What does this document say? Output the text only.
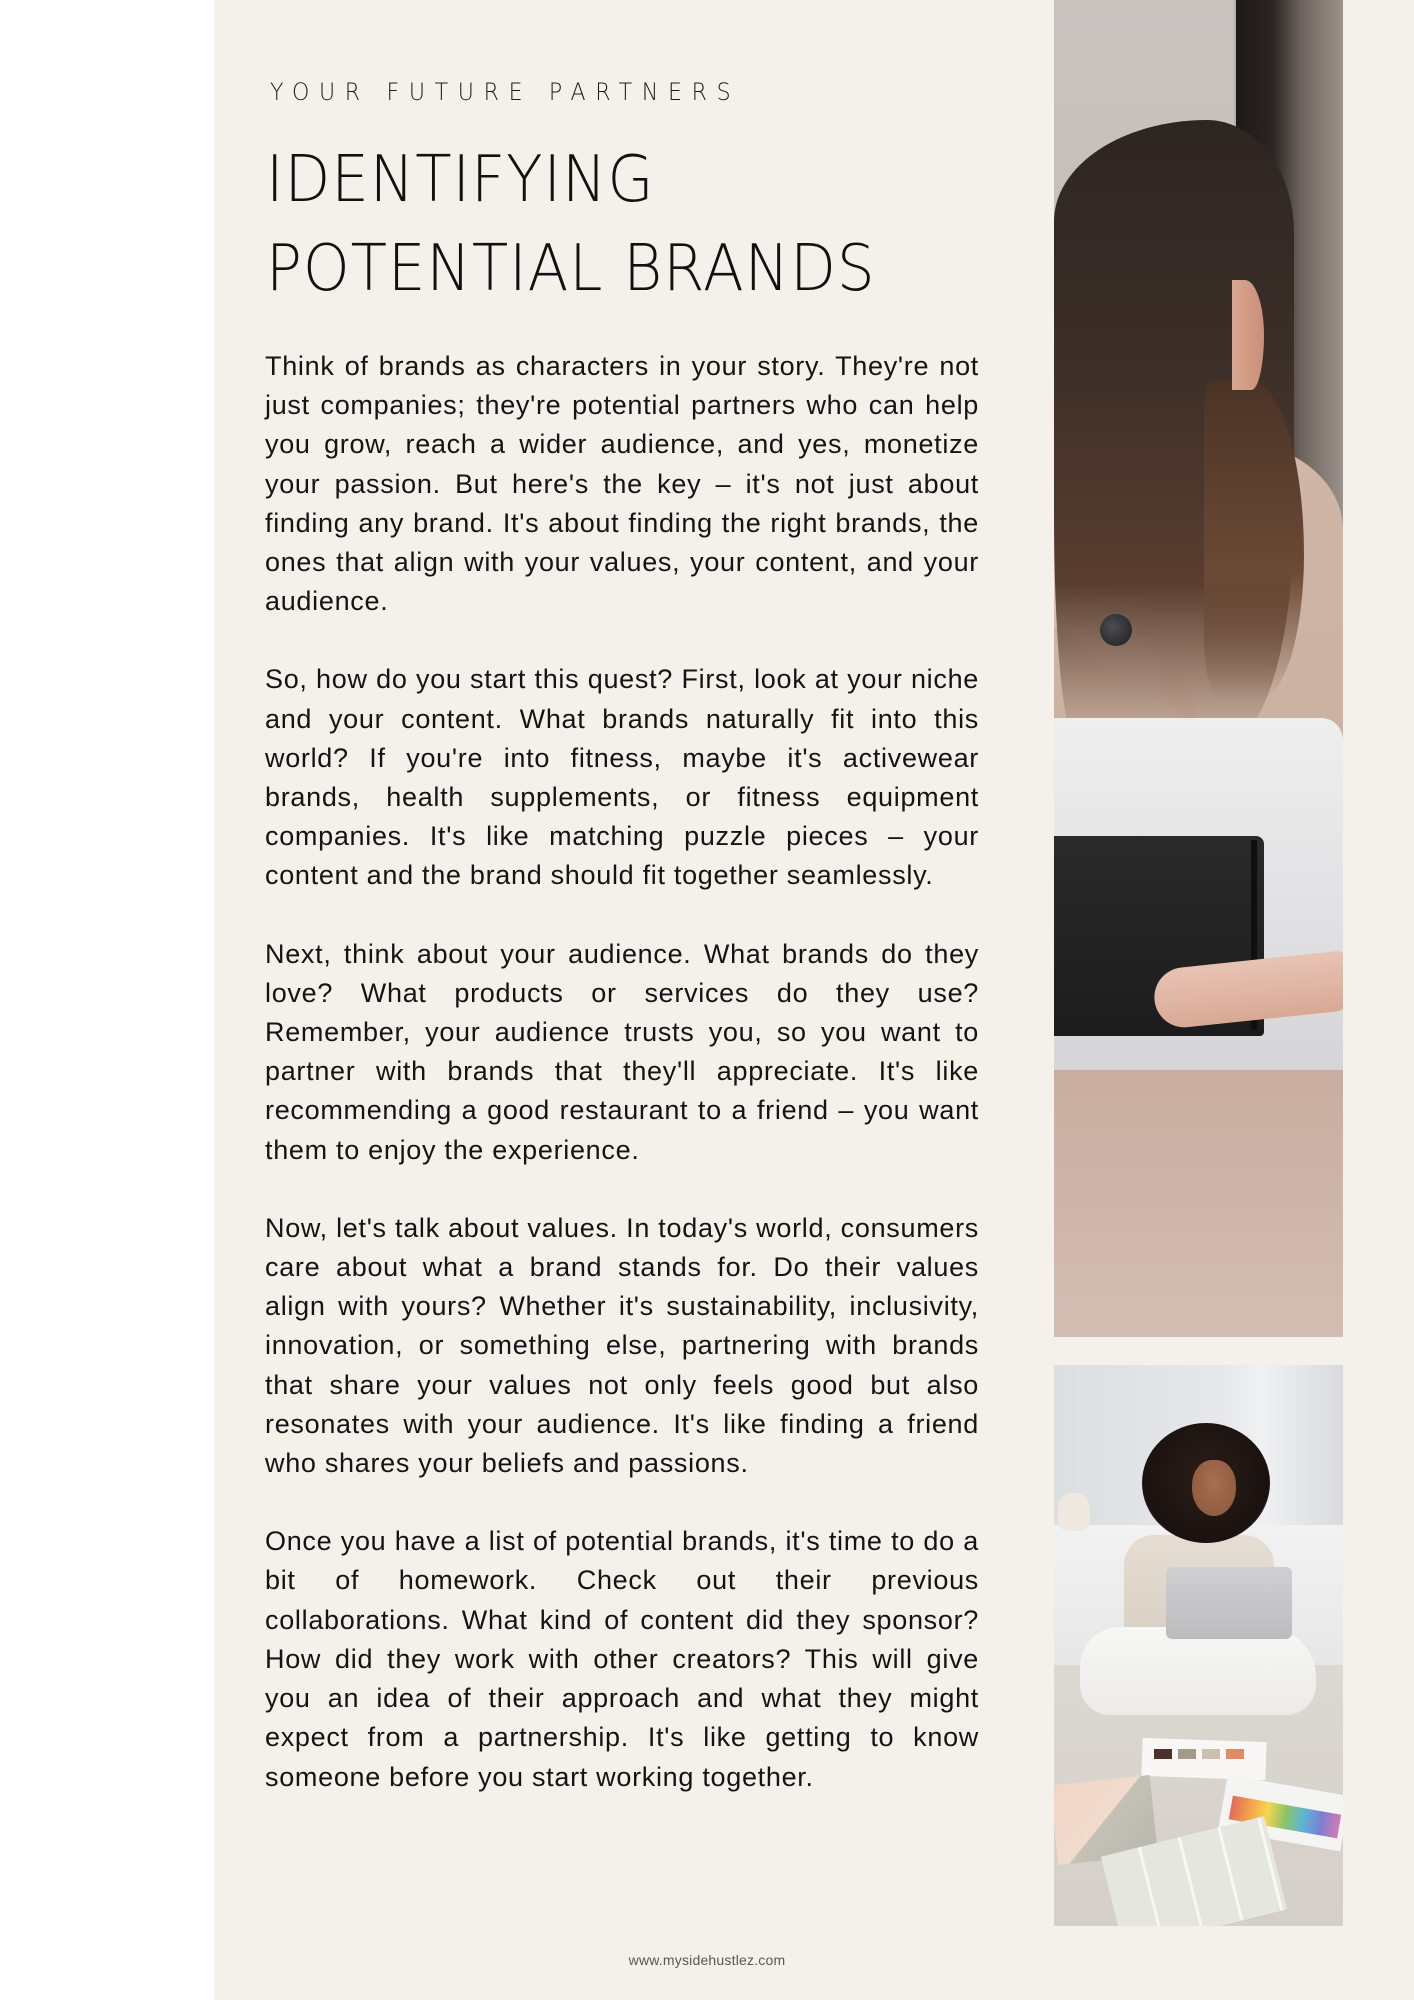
YOUR FUTURE PARTNERS
IDENTIFYING
POTENTIAL BRANDS

Think of brands as characters in your story. They're not just companies; they're potential partners who can help you grow, reach a wider audience, and yes, monetize your passion. But here's the key – it's not just about finding any brand. It's about finding the right brands, the ones that align with your values, your content, and your audience.

So, how do you start this quest? First, look at your niche and your content. What brands naturally fit into this world? If you're into fitness, maybe it's activewear brands, health supplements, or fitness equipment companies. It's like matching puzzle pieces – your content and the brand should fit together seamlessly.

Next, think about your audience. What brands do they love? What products or services do they use? Remember, your audience trusts you, so you want to partner with brands that they'll appreciate. It's like recommending a good restaurant to a friend – you want them to enjoy the experience.

Now, let's talk about values. In today's world, consumers care about what a brand stands for. Do their values align with yours? Whether it's sustainability, inclusivity, innovation, or something else, partnering with brands that share your values not only feels good but also resonates with your audience. It's like finding a friend who shares your beliefs and passions.

Once you have a list of potential brands, it's time to do a bit of homework. Check out their previous collaborations. What kind of content did they sponsor? How did they work with other creators? This will give you an idea of their approach and what they might expect from a partnership. It's like getting to know someone before you start working together.

www.mysidehustlez.com
